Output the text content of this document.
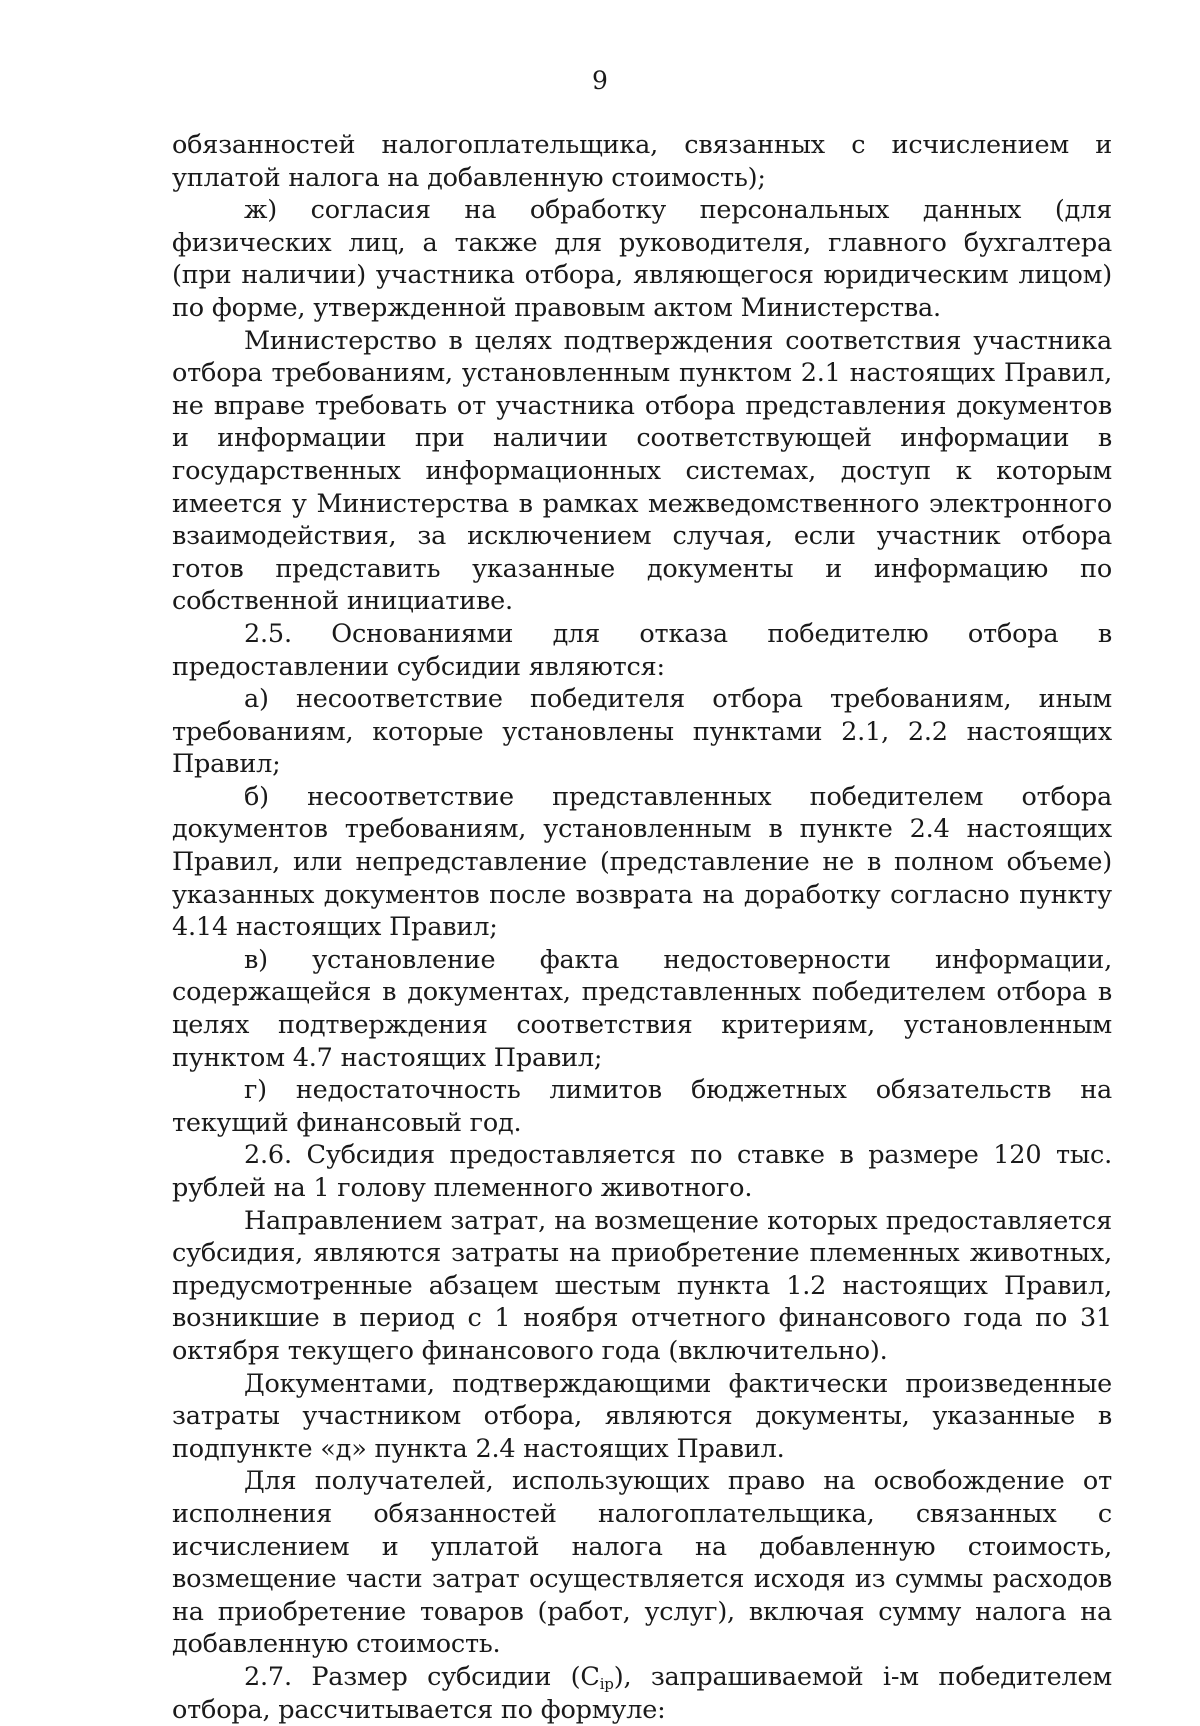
9

обязанностей налогоплательщика, связанных с исчислением и уплатой налога на добавленную стоимость);

ж) согласия на обработку персональных данных (для физических лиц, а также для руководителя, главного бухгалтера (при наличии) участника отбора, являющегося юридическим лицом) по форме, утвержденной правовым актом Министерства.

Министерство в целях подтверждения соответствия участника отбора требованиям, установленным пунктом 2.1 настоящих Правил, не вправе требовать от участника отбора представления документов и информации при наличии соответствующей информации в государственных информационных системах, доступ к которым имеется у Министерства в рамках межведомственного электронного взаимодействия, за исключением случая, если участник отбора готов представить указанные документы и информацию по собственной инициативе.

2.5. Основаниями для отказа победителю отбора в предоставлении субсидии являются:

а) несоответствие победителя отбора требованиям, иным требованиям, которые установлены пунктами 2.1, 2.2 настоящих Правил;

б) несоответствие представленных победителем отбора документов требованиям, установленным в пункте 2.4 настоящих Правил, или непредставление (представление не в полном объеме) указанных документов после возврата на доработку согласно пункту 4.14 настоящих Правил;

в) установление факта недостоверности информации, содержащейся в документах, представленных победителем отбора в целях подтверждения соответствия критериям, установленным пунктом 4.7 настоящих Правил;

г) недостаточность лимитов бюджетных обязательств на текущий финансовый год.

2.6. Субсидия предоставляется по ставке в размере 120 тыс. рублей на 1 голову племенного животного.

Направлением затрат, на возмещение которых предоставляется субсидия, являются затраты на приобретение племенных животных, предусмотренные абзацем шестым пункта 1.2 настоящих Правил, возникшие в период с 1 ноября отчетного финансового года по 31 октября текущего финансового года (включительно).

Документами, подтверждающими фактически произведенные затраты участником отбора, являются документы, указанные в подпункте «д» пункта 2.4 настоящих Правил.

Для получателей, использующих право на освобождение от исполнения обязанностей налогоплательщика, связанных с исчислением и уплатой налога на добавленную стоимость, возмещение части затрат осуществляется исходя из суммы расходов на приобретение товаров (работ, услуг), включая сумму налога на добавленную стоимость.

2.7. Размер субсидии $(C_{ip})$, запрашиваемой i-м победителем отбора, рассчитывается по формуле:
